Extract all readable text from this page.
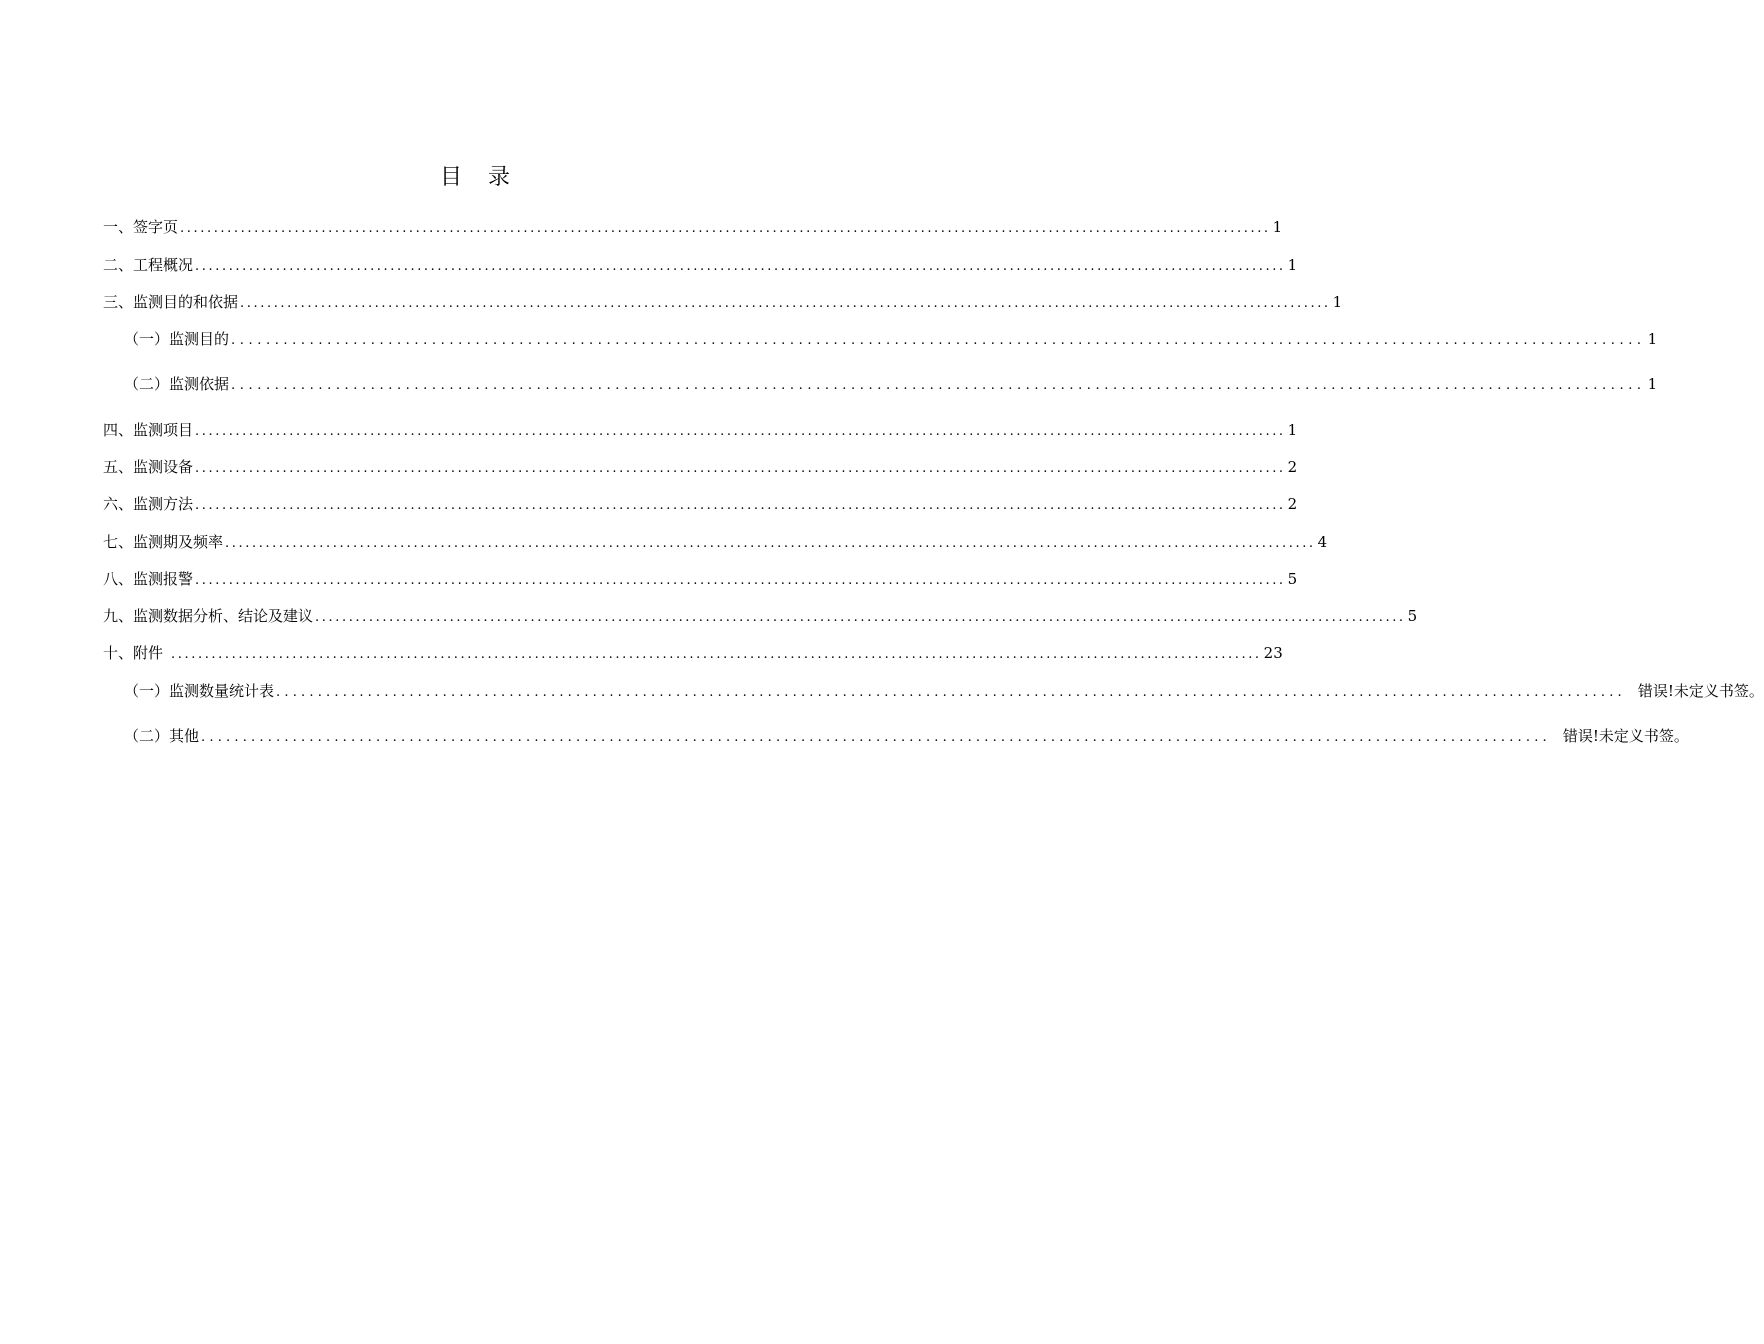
目 录
一、 签字页 .................................................................................................................................................................. 1
二、 工程概况 .................................................................................................................................................................. 1
三、 监测目的和依据 .................................................................................................................................................................. 1
（一） 监测目的 .................................................................................................................................................................. 1
（二） 监测依据 .................................................................................................................................................................. 1
四、 监测项目 .................................................................................................................................................................. 1
五、 监测设备 .................................................................................................................................................................. 2
六、 监测方法 .................................................................................................................................................................. 2
七、 监测期及频率 .................................................................................................................................................................. 4
八、 监测报警 .................................................................................................................................................................. 5
九、 监测数据分析、结论及建议 .................................................................................................................................................................. 5
十、 附件 .................................................................................................................................................................. 23
（一） 监测数量统计表 .................................................................................................................................................................. 错误!未定义书签。
（二） 其他 .................................................................................................................................................................. 错误!未定义书签。
